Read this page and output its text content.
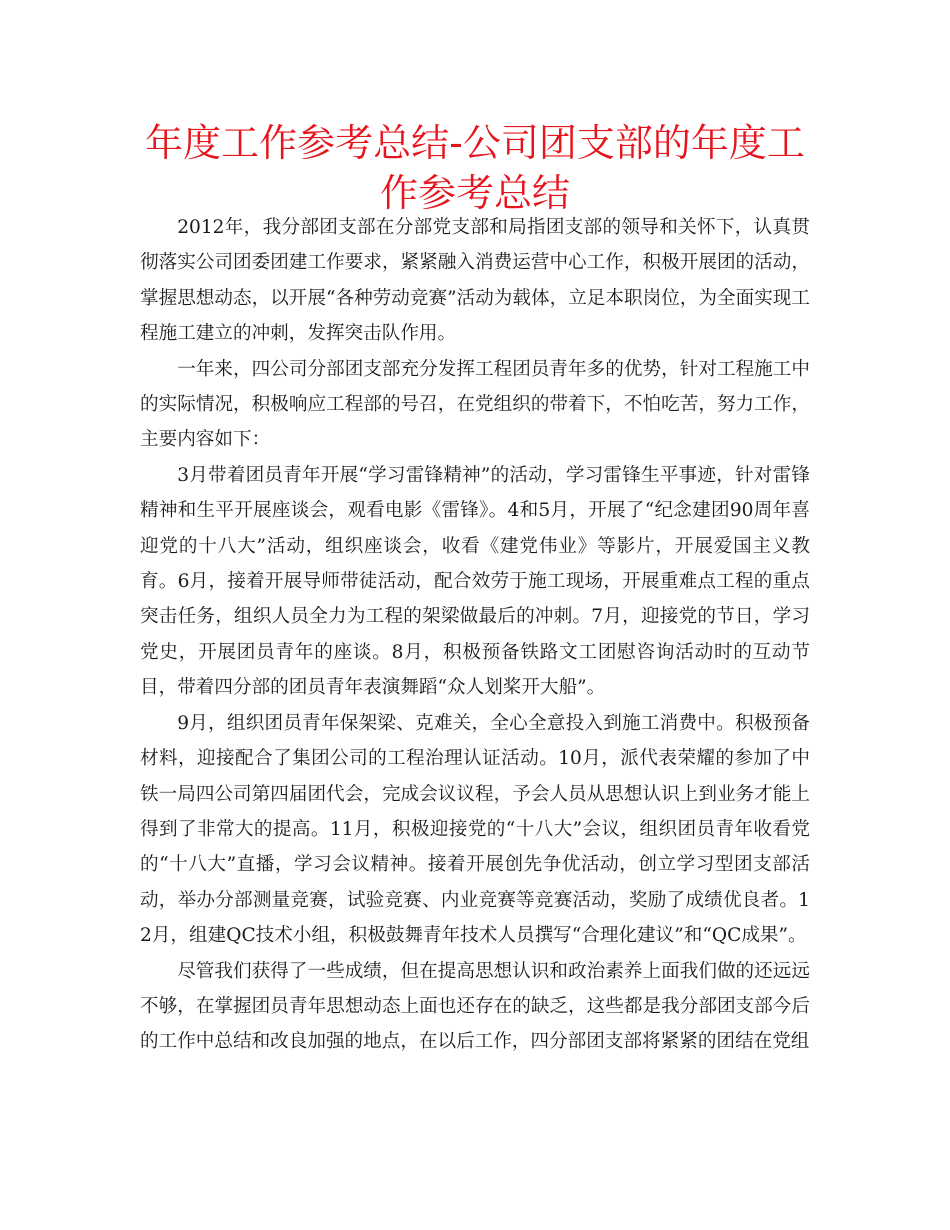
年度工作参考总结-公司团支部的年度工作参考总结

2012年，我分部团支部在分部党支部和局指团支部的领导和关怀下，认真贯彻落实公司团委团建工作要求，紧紧融入消费运营中心工作，积极开展团的活动，掌握思想动态，以开展“各种劳动竞赛”活动为载体，立足本职岗位，为全面实现工程施工建立的冲刺，发挥突击队作用。

一年来，四公司分部团支部充分发挥工程团员青年多的优势，针对工程施工中的实际情况，积极响应工程部的号召，在党组织的带着下，不怕吃苦，努力工作，主要内容如下：

3月带着团员青年开展“学习雷锋精神”的活动，学习雷锋生平事迹，针对雷锋精神和生平开展座谈会，观看电影《雷锋》。4和5月，开展了“纪念建团90周年喜迎党的十八大”活动，组织座谈会，收看《建党伟业》等影片，开展爱国主义教育。6月，接着开展导师带徒活动，配合效劳于施工现场，开展重难点工程的重点突击任务，组织人员全力为工程的架梁做最后的冲刺。7月，迎接党的节日，学习党史，开展团员青年的座谈。8月，积极预备铁路文工团慰咨询活动时的互动节目，带着四分部的团员青年表演舞蹈“众人划桨开大船”。

9月，组织团员青年保架梁、克难关，全心全意投入到施工消费中。积极预备材料，迎接配合了集团公司的工程治理认证活动。10月，派代表荣耀的参加了中铁一局四公司第四届团代会，完成会议议程，予会人员从思想认识上到业务才能上得到了非常大的提高。11月，积极迎接党的“十八大”会议，组织团员青年收看党的“十八大”直播，学习会议精神。接着开展创先争优活动，创立学习型团支部活动，举办分部测量竞赛，试验竞赛、内业竞赛等竞赛活动，奖励了成绩优良者。12月，组建QC技术小组，积极鼓舞青年技术人员撰写“合理化建议”和“QC成果”。

尽管我们获得了一些成绩，但在提高思想认识和政治素养上面我们做的还远远不够，在掌握团员青年思想动态上面也还存在的缺乏，这些都是我分部团支部今后的工作中总结和改良加强的地点，在以后工作，四分部团支部将紧紧的团结在党组
